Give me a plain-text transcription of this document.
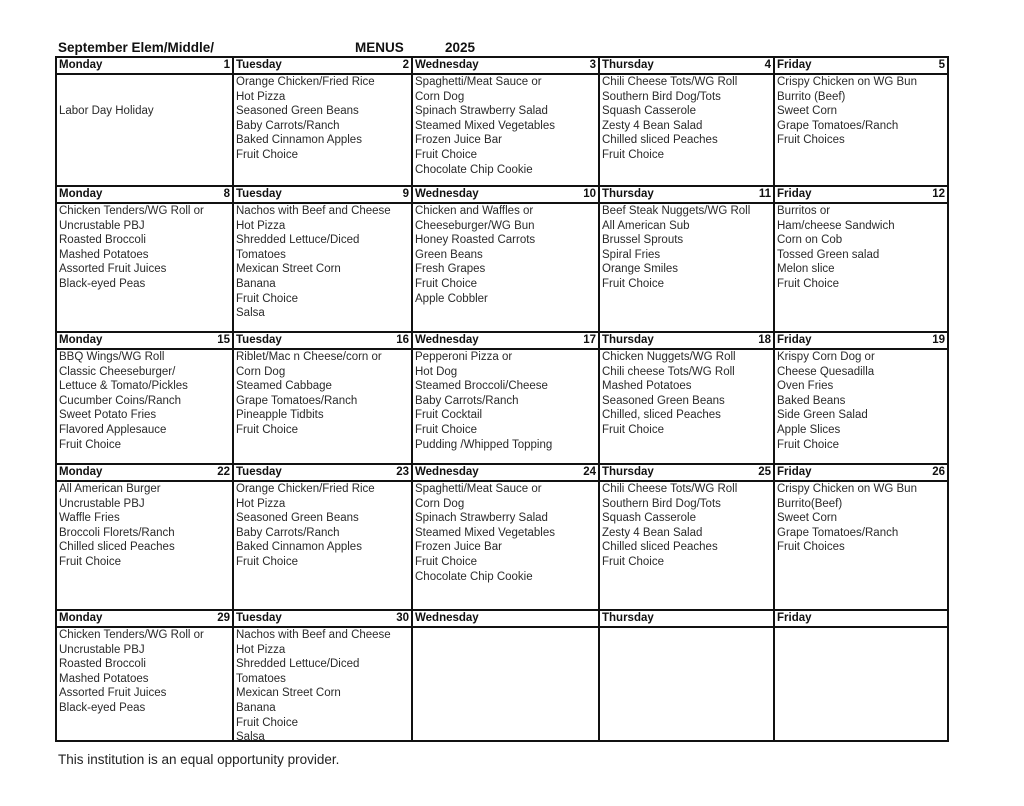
September Elem/Middle/	MENUS	2025
Monday	1

Labor Day Holiday
Tuesday	2
Orange Chicken/Fried Rice
Hot Pizza
Seasoned Green Beans
Baby Carrots/Ranch
Baked Cinnamon Apples
Fruit Choice
Wednesday	3
Spaghetti/Meat Sauce or
Corn Dog
Spinach Strawberry Salad
Steamed Mixed Vegetables
Frozen Juice Bar
Fruit Choice
Chocolate Chip Cookie
Thursday	4
Chili Cheese Tots/WG Roll
Southern Bird Dog/Tots
Squash Casserole
Zesty 4 Bean Salad
Chilled sliced Peaches
Fruit Choice
Friday	5
Crispy Chicken on WG Bun
Burrito (Beef)
Sweet Corn
Grape Tomatoes/Ranch
Fruit Choices
Monday	8
Chicken Tenders/WG Roll or
Uncrustable PBJ
Roasted Broccoli
Mashed Potatoes
Assorted Fruit Juices
Black-eyed Peas
Tuesday	9
Nachos with Beef and Cheese
Hot Pizza
Shredded Lettuce/Diced
Tomatoes
Mexican Street Corn
Banana
Fruit Choice
Salsa
Wednesday	10
Chicken and Waffles or
Cheeseburger/WG Bun
Honey Roasted Carrots
Green Beans
Fresh Grapes
Fruit Choice
Apple Cobbler
Thursday	11
Beef Steak Nuggets/WG Roll
All American Sub
Brussel Sprouts
Spiral Fries
Orange Smiles
Fruit Choice
Friday	12
Burritos or
Ham/cheese Sandwich
Corn on Cob
Tossed Green salad
Melon slice
Fruit Choice
Monday	15
BBQ Wings/WG Roll
Classic Cheeseburger/
Lettuce & Tomato/Pickles
Cucumber Coins/Ranch
Sweet Potato Fries
Flavored Applesauce
Fruit Choice
Tuesday	16
Riblet/Mac n Cheese/corn or
Corn Dog
Steamed Cabbage
Grape Tomatoes/Ranch
Pineapple Tidbits
Fruit Choice
Wednesday	17
Pepperoni Pizza or
Hot Dog
Steamed Broccoli/Cheese
Baby Carrots/Ranch
Fruit Cocktail
Fruit Choice
Pudding /Whipped Topping
Thursday	18
Chicken Nuggets/WG Roll
Chili cheese Tots/WG Roll
Mashed Potatoes
Seasoned Green Beans
Chilled, sliced Peaches
Fruit Choice
Friday	19
Krispy Corn Dog or
Cheese Quesadilla
Oven Fries
Baked Beans
Side Green Salad
Apple Slices
Fruit Choice
Monday	22
All American Burger
Uncrustable PBJ
Waffle Fries
Broccoli Florets/Ranch
Chilled sliced Peaches
Fruit Choice
Tuesday	23
Orange Chicken/Fried Rice
Hot Pizza
Seasoned Green Beans
Baby Carrots/Ranch
Baked Cinnamon Apples
Fruit Choice
Wednesday	24
Spaghetti/Meat Sauce or
Corn Dog
Spinach Strawberry Salad
Steamed Mixed Vegetables
Frozen Juice Bar
Fruit Choice
Chocolate Chip Cookie
Thursday	25
Chili Cheese Tots/WG Roll
Southern Bird Dog/Tots
Squash Casserole
Zesty 4 Bean Salad
Chilled sliced Peaches
Fruit Choice
Friday	26
Crispy Chicken on WG Bun
Burrito(Beef)
Sweet Corn
Grape Tomatoes/Ranch
Fruit Choices
Monday	29
Chicken Tenders/WG Roll or
Uncrustable PBJ
Roasted Broccoli
Mashed Potatoes
Assorted Fruit Juices
Black-eyed Peas
Tuesday	30
Nachos with Beef and Cheese
Hot Pizza
Shredded Lettuce/Diced
Tomatoes
Mexican Street Corn
Banana
Fruit Choice
Salsa
Wednesday	Thursday	Friday
This institution is an equal opportunity provider.
